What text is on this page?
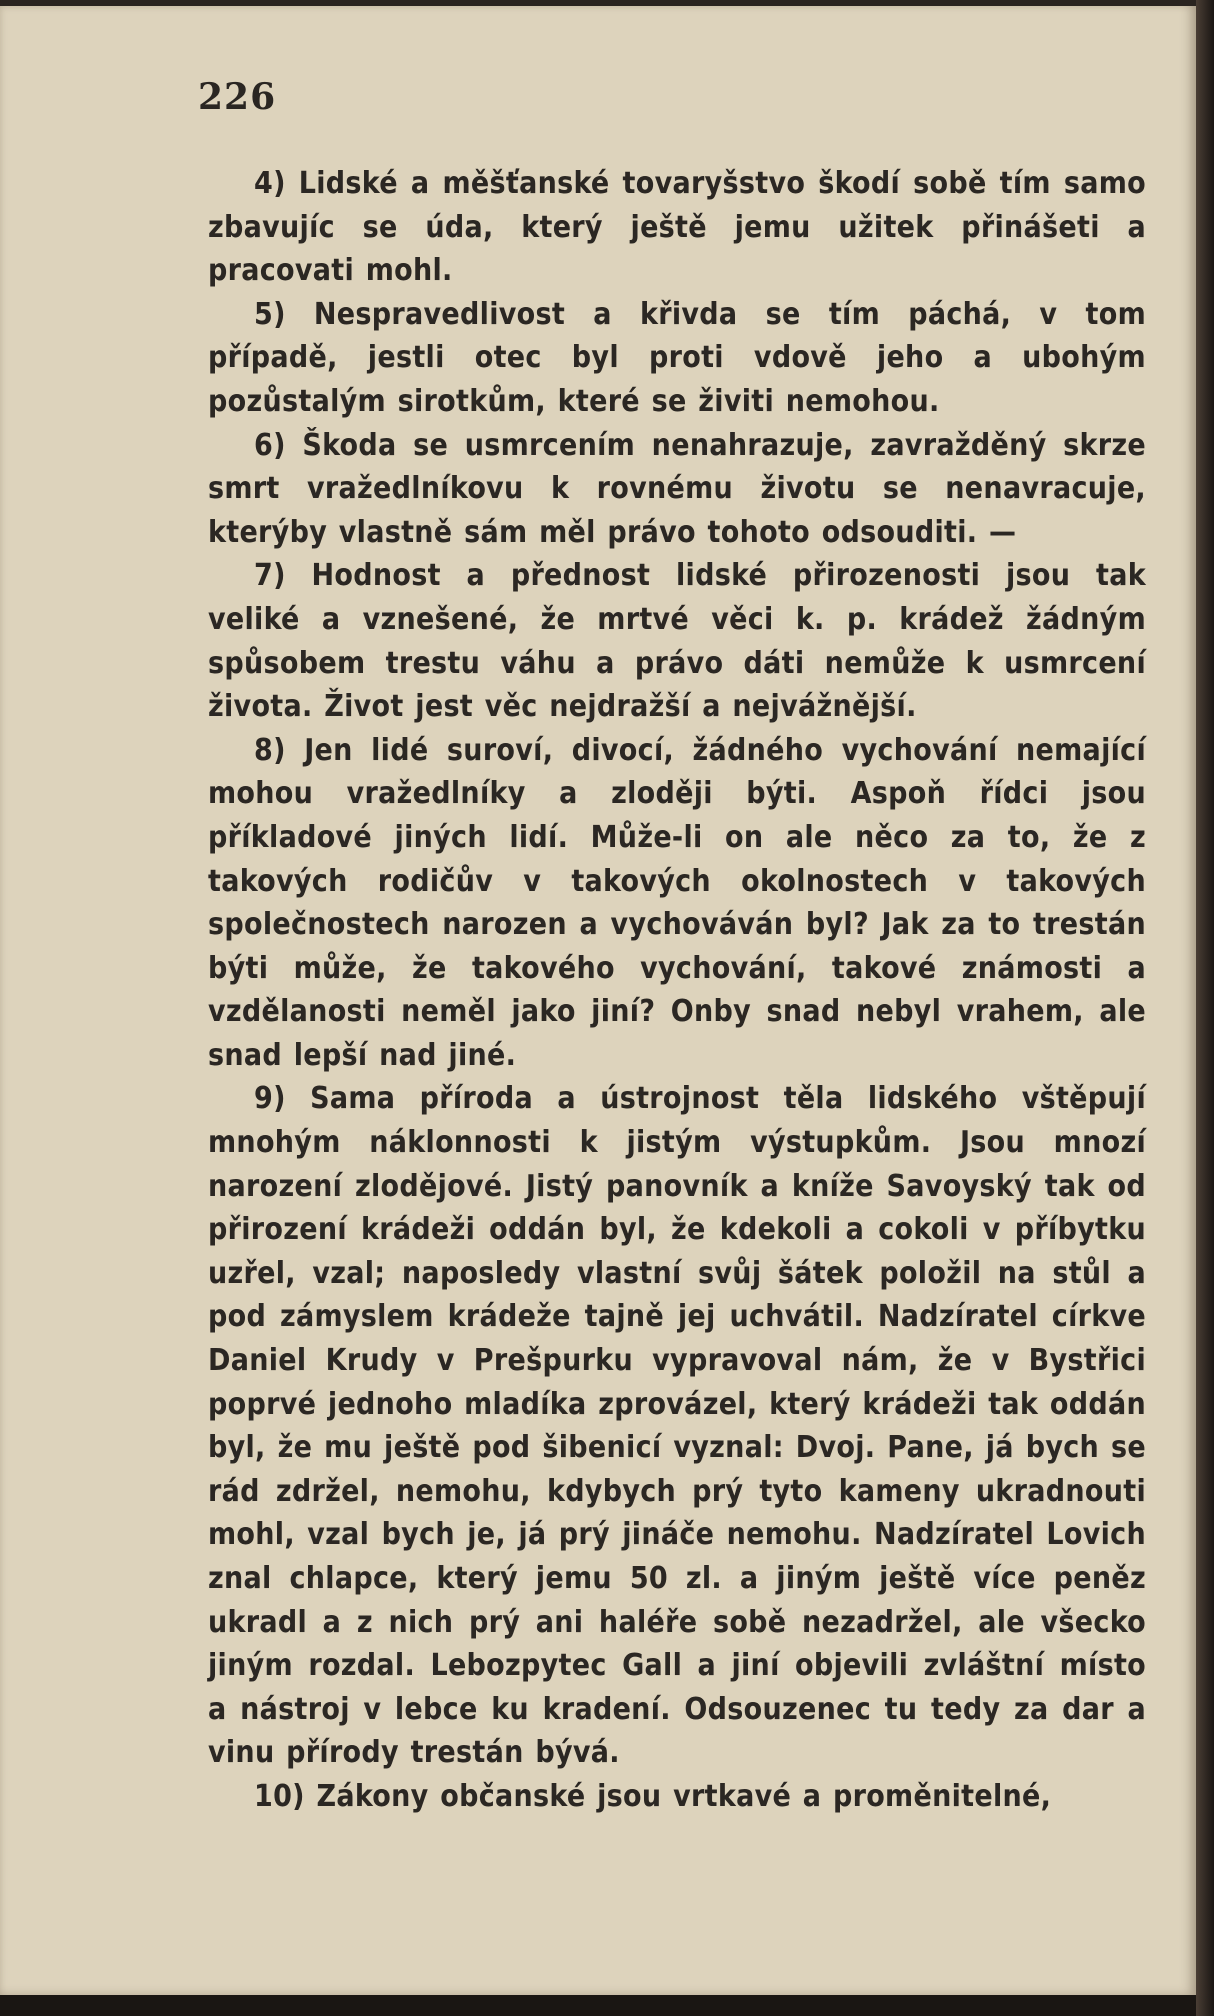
226

4) Lidské a měšťanské tovaryšstvo škodí sobě tím samo zbavujíc se úda, který ještě jemu užitek přinášeti a pracovati mohl.

5) Nespravedlivost a křivda se tím páchá, v tom případě, jestli otec byl proti vdově jeho a ubohým pozůstalým sirotkům, které se živiti nemohou.

6) Škoda se usmrcením nenahrazuje, zavražděný skrze smrt vražedlníkovu k rovnému životu se nenavracuje, kterýby vlastně sám měl právo tohoto odsouditi. —

7) Hodnost a přednost lidské přirozenosti jsou tak veliké a vznešené, že mrtvé věci k. p. krádež žádným spůsobem trestu váhu a právo dáti nemůže k usmrcení života. Život jest věc nejdražší a nejvážnější.

8) Jen lidé suroví, divocí, žádného vychování nemající mohou vražedlníky a zloději býti. Aspoň řídci jsou příkladové jiných lidí. Může-li on ale něco za to, že z takových rodičův v takových okolnostech v takových společnostech narozen a vychováván byl? Jak za to trestán býti může, že takového vychování, takové známosti a vzdělanosti neměl jako jiní? Onby snad nebyl vrahem, ale snad lepší nad jiné.

9) Sama příroda a ústrojnost těla lidského vštěpují mnohým náklonnosti k jistým výstupkům. Jsou mnozí narození zlodějové. Jistý panovník a kníže Savoyský tak od přirození krádeži oddán byl, že kdekoli a cokoli v příbytku uzřel, vzal; naposledy vlastní svůj šátek položil na stůl a pod zámyslem krádeže tajně jej uchvátil. Nadzíratel církve Daniel Krudy v Prešpurku vypravoval nám, že v Bystřici poprvé jednoho mladíka zprovázel, který krádeži tak oddán byl, že mu ještě pod šibenicí vyznal: Dvoj. Pane, já bych se rád zdržel, nemohu, kdybych prý tyto kameny ukradnouti mohl, vzal bych je, já prý jináče nemohu. Nadzíratel Lovich znal chlapce, který jemu 50 zl. a jiným ještě více peněz ukradl a z nich prý ani haléře sobě nezadržel, ale všecko jiným rozdal. Lebozpytec Gall a jiní objevili zvláštní místo a nástroj v lebce ku kradení. Odsouzenec tu tedy za dar a vinu přírody trestán bývá.

10) Zákony občanské jsou vrtkavé a proměnitelné,
